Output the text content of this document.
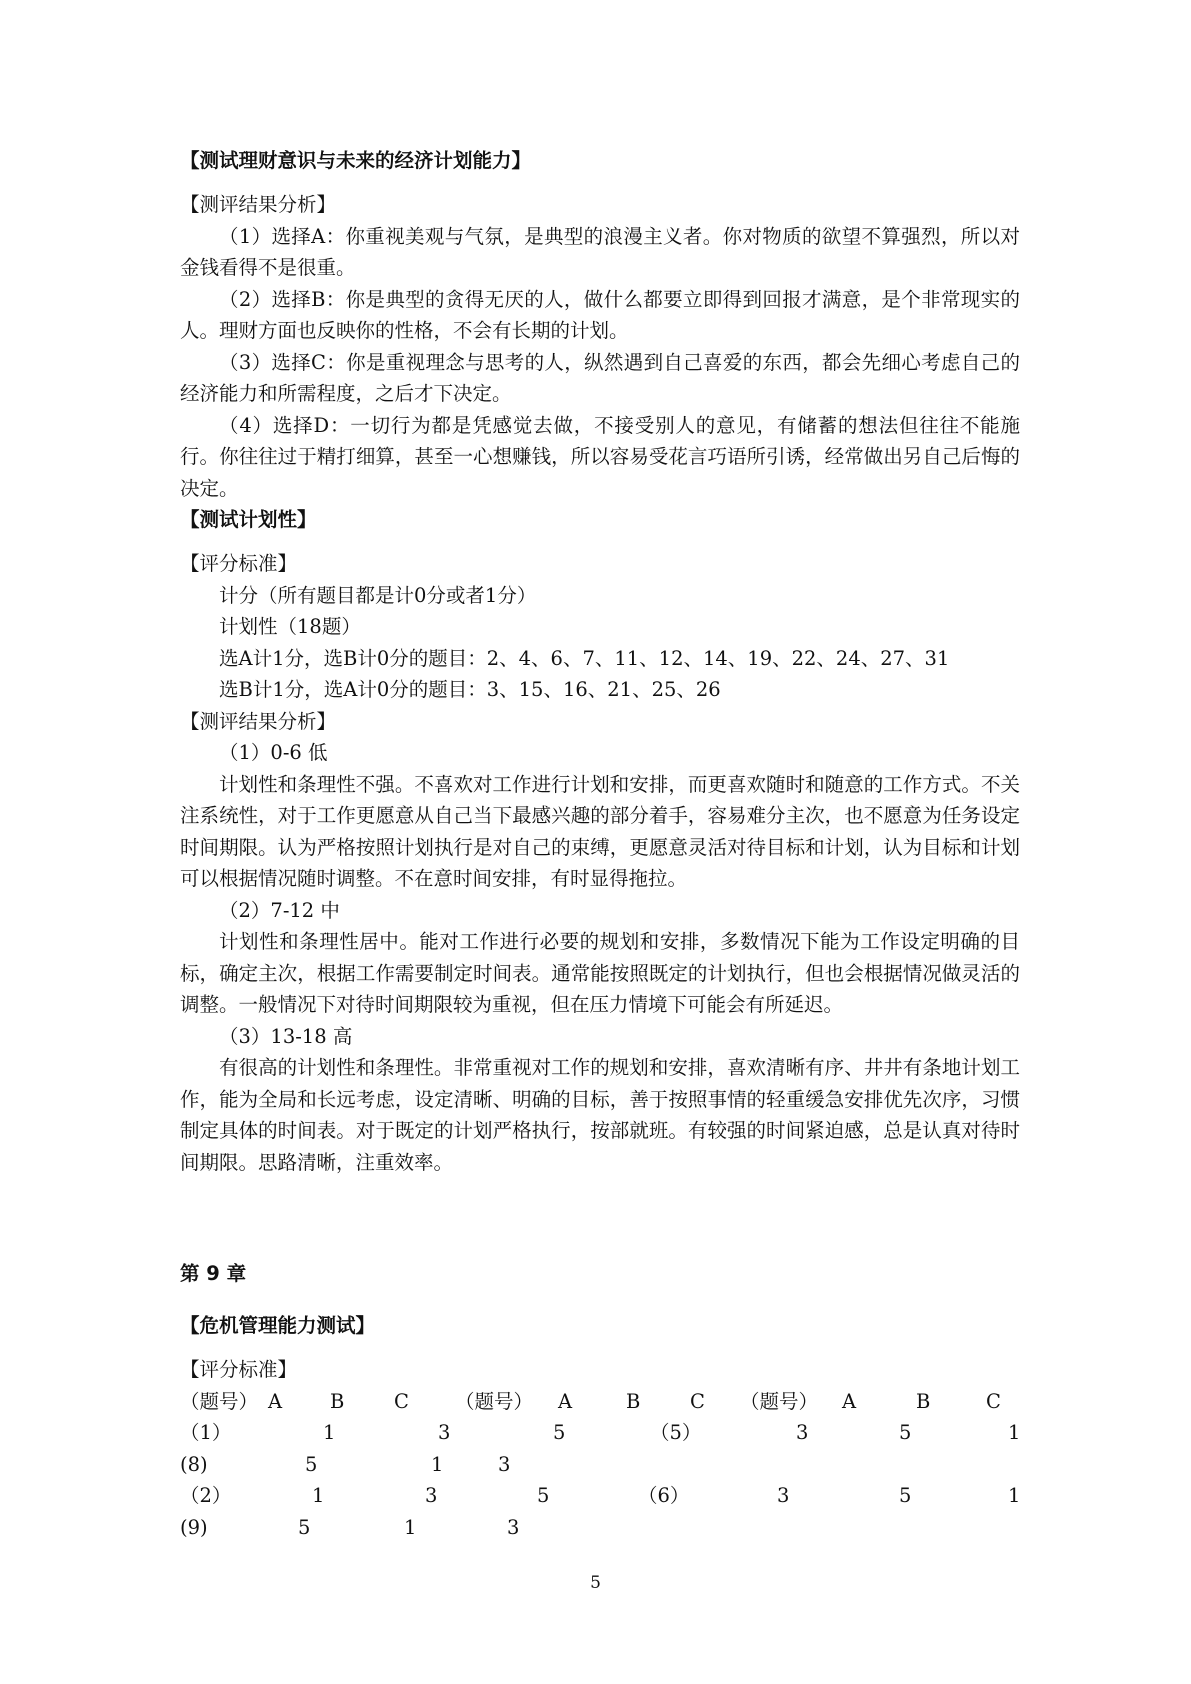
【测试理财意识与未来的经济计划能力】

【测评结果分析】

（1）选择A：你重视美观与气氛，是典型的浪漫主义者。你对物质的欲望不算强烈，所以对金钱看得不是很重。

（2）选择B：你是典型的贪得无厌的人，做什么都要立即得到回报才满意，是个非常现实的人。理财方面也反映你的性格，不会有长期的计划。

（3）选择C：你是重视理念与思考的人，纵然遇到自己喜爱的东西，都会先细心考虑自己的经济能力和所需程度，之后才下决定。

（4）选择D：一切行为都是凭感觉去做，不接受别人的意见，有储蓄的想法但往往不能施行。你往往过于精打细算，甚至一心想赚钱，所以容易受花言巧语所引诱，经常做出另自己后悔的决定。

【测试计划性】

【评分标准】

计分（所有题目都是计0分或者1分）

计划性（18题）

选A计1分，选B计0分的题目：2、4、6、7、11、12、14、19、22、24、27、31

选B计1分，选A计0分的题目：3、15、16、21、25、26

【测评结果分析】

（1）0-6 低

计划性和条理性不强。不喜欢对工作进行计划和安排，而更喜欢随时和随意的工作方式。不关注系统性，对于工作更愿意从自己当下最感兴趣的部分着手，容易难分主次，也不愿意为任务设定时间期限。认为严格按照计划执行是对自己的束缚，更愿意灵活对待目标和计划，认为目标和计划可以根据情况随时调整。不在意时间安排，有时显得拖拉。

（2）7-12 中

计划性和条理性居中。能对工作进行必要的规划和安排，多数情况下能为工作设定明确的目标，确定主次，根据工作需要制定时间表。通常能按照既定的计划执行，但也会根据情况做灵活的调整。一般情况下对待时间期限较为重视，但在压力情境下可能会有所延迟。

（3）13-18 高

有很高的计划性和条理性。非常重视对工作的规划和安排，喜欢清晰有序、井井有条地计划工作，能为全局和长远考虑，设定清晰、明确的目标，善于按照事情的轻重缓急安排优先次序，习惯制定具体的时间表。对于既定的计划严格执行，按部就班。有较强的时间紧迫感，总是认真对待时间期限。思路清晰，注重效率。

第 9 章

【危机管理能力测试】

【评分标准】

（题号） A B	C （题号） A	B	C （题号） A	B	C
（1）	1	3	5	（5）	3	5	1
(8)	5	1	3
（2）	1	3	5	（6）	3	5	1
(9)	5	1	3
5
